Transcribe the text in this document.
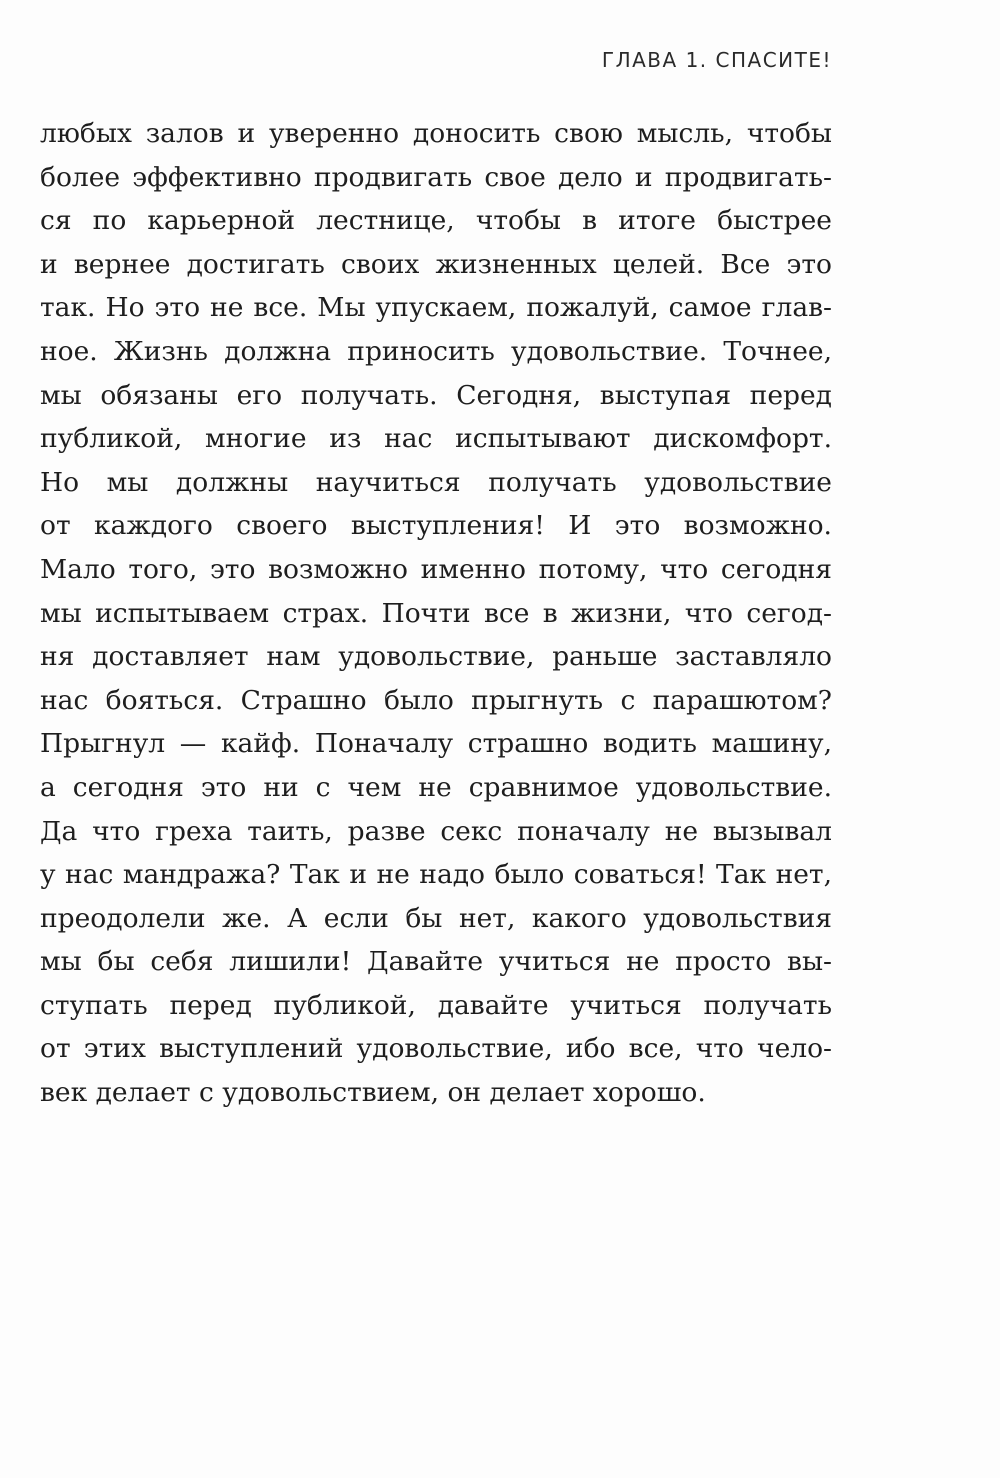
ГЛАВА 1. СПАСИТЕ!
любых залов и уверенно доносить свою мысль, чтобы
более эффективно продвигать свое дело и продвигать-
ся по карьерной лестнице, чтобы в итоге быстрее
и вернее достигать своих жизненных целей. Все это
так. Но это не все. Мы упускаем, пожалуй, самое глав-
ное. Жизнь должна приносить удовольствие. Точнее,
мы обязаны его получать. Сегодня, выступая перед
публикой, многие из нас испытывают дискомфорт.
Но мы должны научиться получать удовольствие
от каждого своего выступления! И это возможно.
Мало того, это возможно именно потому, что сегодня
мы испытываем страх. Почти все в жизни, что сегод-
ня доставляет нам удовольствие, раньше заставляло
нас бояться. Страшно было прыгнуть с парашютом?
Прыгнул — кайф. Поначалу страшно водить машину,
а сегодня это ни с чем не сравнимое удовольствие.
Да что греха таить, разве секс поначалу не вызывал
у нас мандража? Так и не надо было соваться! Так нет,
преодолели же. А если бы нет, какого удовольствия
мы бы себя лишили! Давайте учиться не просто вы-
ступать перед публикой, давайте учиться получать
от этих выступлений удовольствие, ибо все, что чело-
век делает с удовольствием, он делает хорошо.
